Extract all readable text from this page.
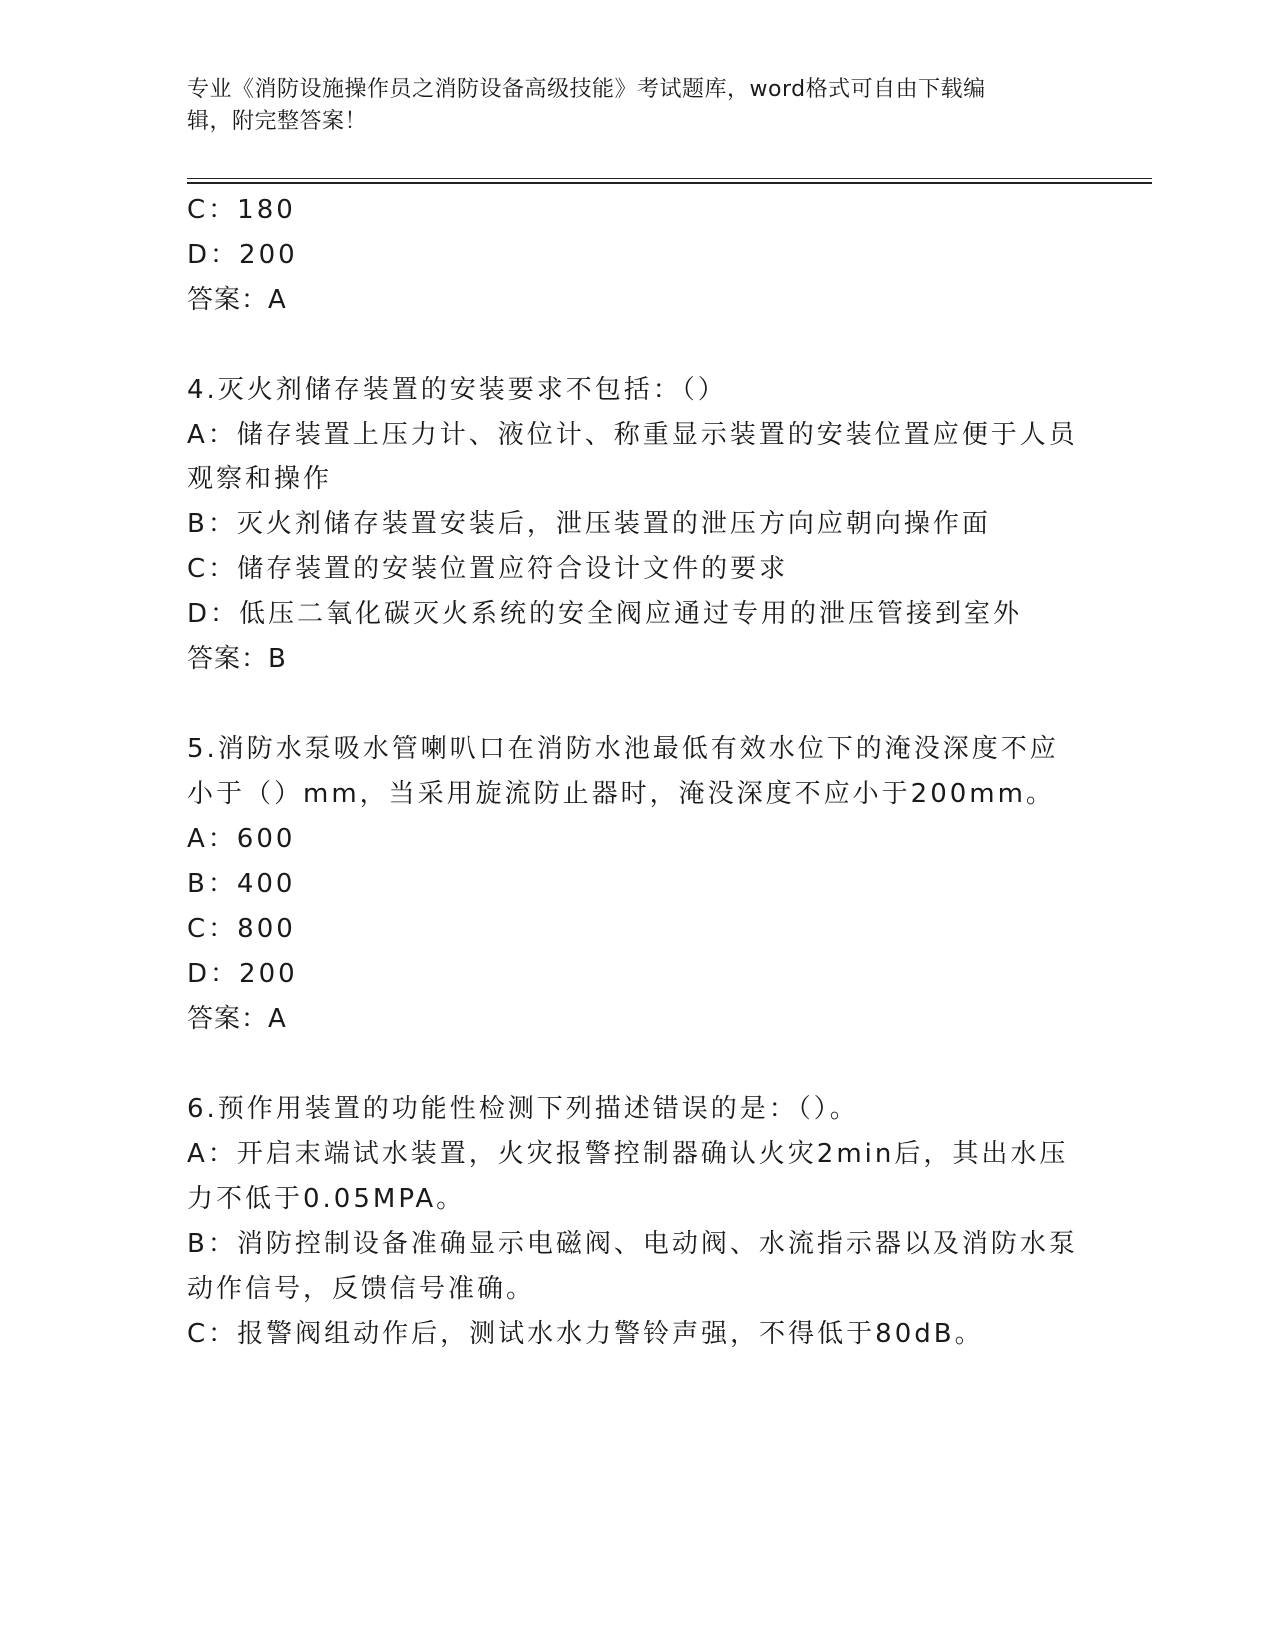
专业《消防设施操作员之消防设备高级技能》考试题库，word格式可自由下载编
辑，附完整答案！
C：180
D：200
答案：A
4.灭火剂储存装置的安装要求不包括：（）
A：储存装置上压力计、液位计、称重显示装置的安装位置应便于人员
观察和操作
B：灭火剂储存装置安装后，泄压装置的泄压方向应朝向操作面
C：储存装置的安装位置应符合设计文件的要求
D：低压二氧化碳灭火系统的安全阀应通过专用的泄压管接到室外
答案：B
5.消防水泵吸水管喇叭口在消防水池最低有效水位下的淹没深度不应
小于（）mm，当采用旋流防止器时，淹没深度不应小于200mm。
A：600
B：400
C：800
D：200
答案：A
6.预作用装置的功能性检测下列描述错误的是：（）。
A：开启末端试水装置，火灾报警控制器确认火灾2min后，其出水压
力不低于0.05MPA。
B：消防控制设备准确显示电磁阀、电动阀、水流指示器以及消防水泵
动作信号，反馈信号准确。
C：报警阀组动作后，测试水水力警铃声强，不得低于80dB。
